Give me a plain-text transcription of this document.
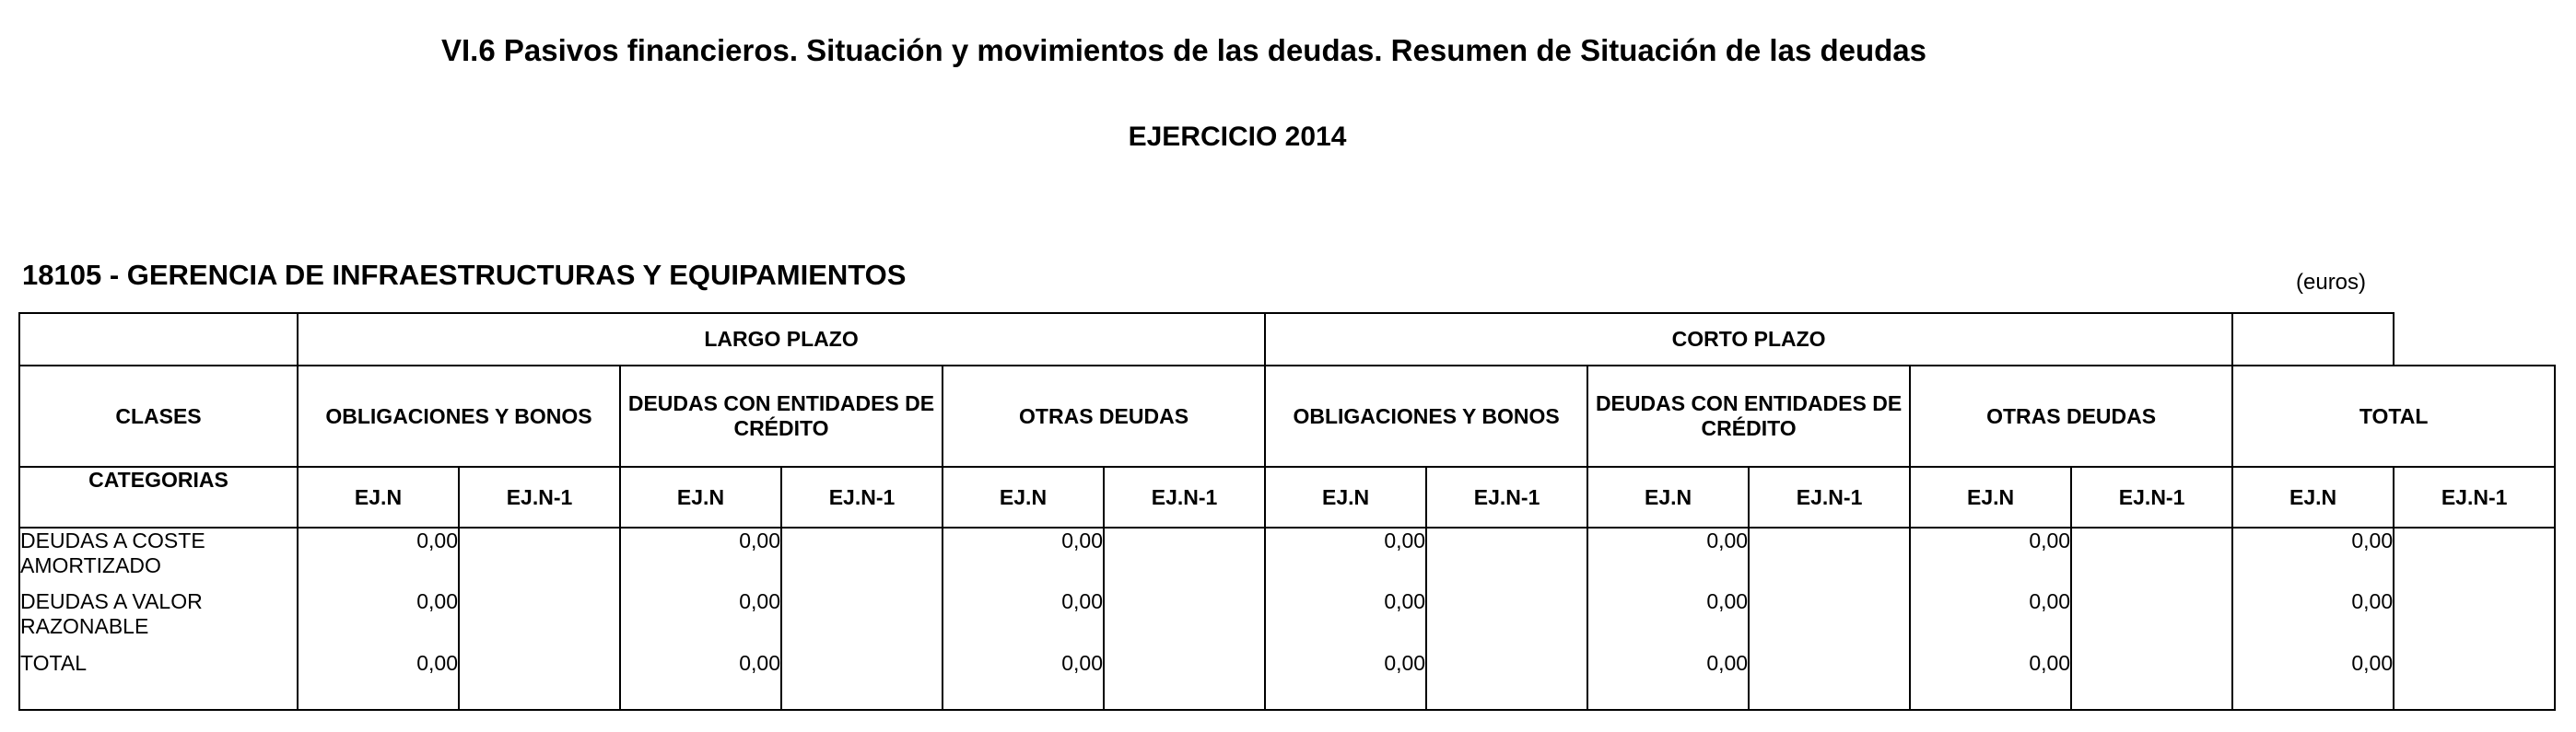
VI.6 Pasivos financieros. Situación y movimientos de las deudas. Resumen de Situación de las deudas
EJERCICIO 2014
18105 - GERENCIA DE INFRAESTRUCTURAS Y EQUIPAMIENTOS	(euros)
	LARGO PLAZO						CORTO PLAZO							
CLASES	OBLIGACIONES Y BONOS		DEUDAS CON ENTIDADES DE CRÉDITO		OTRAS DEUDAS		OBLIGACIONES Y BONOS		DEUDAS CON ENTIDADES DE CRÉDITO		OTRAS DEUDAS		TOTAL	
CATEGORIAS	EJ.N	EJ.N-1	EJ.N	EJ.N-1	EJ.N	EJ.N-1	EJ.N	EJ.N-1	EJ.N	EJ.N-1	EJ.N	EJ.N-1	EJ.N	EJ.N-1
DEUDAS A COSTE AMORTIZADO	0,00		0,00		0,00		0,00		0,00		0,00		0,00	
DEUDAS A VALOR RAZONABLE	0,00		0,00		0,00		0,00		0,00		0,00		0,00	
TOTAL	0,00		0,00		0,00		0,00		0,00		0,00		0,00	
